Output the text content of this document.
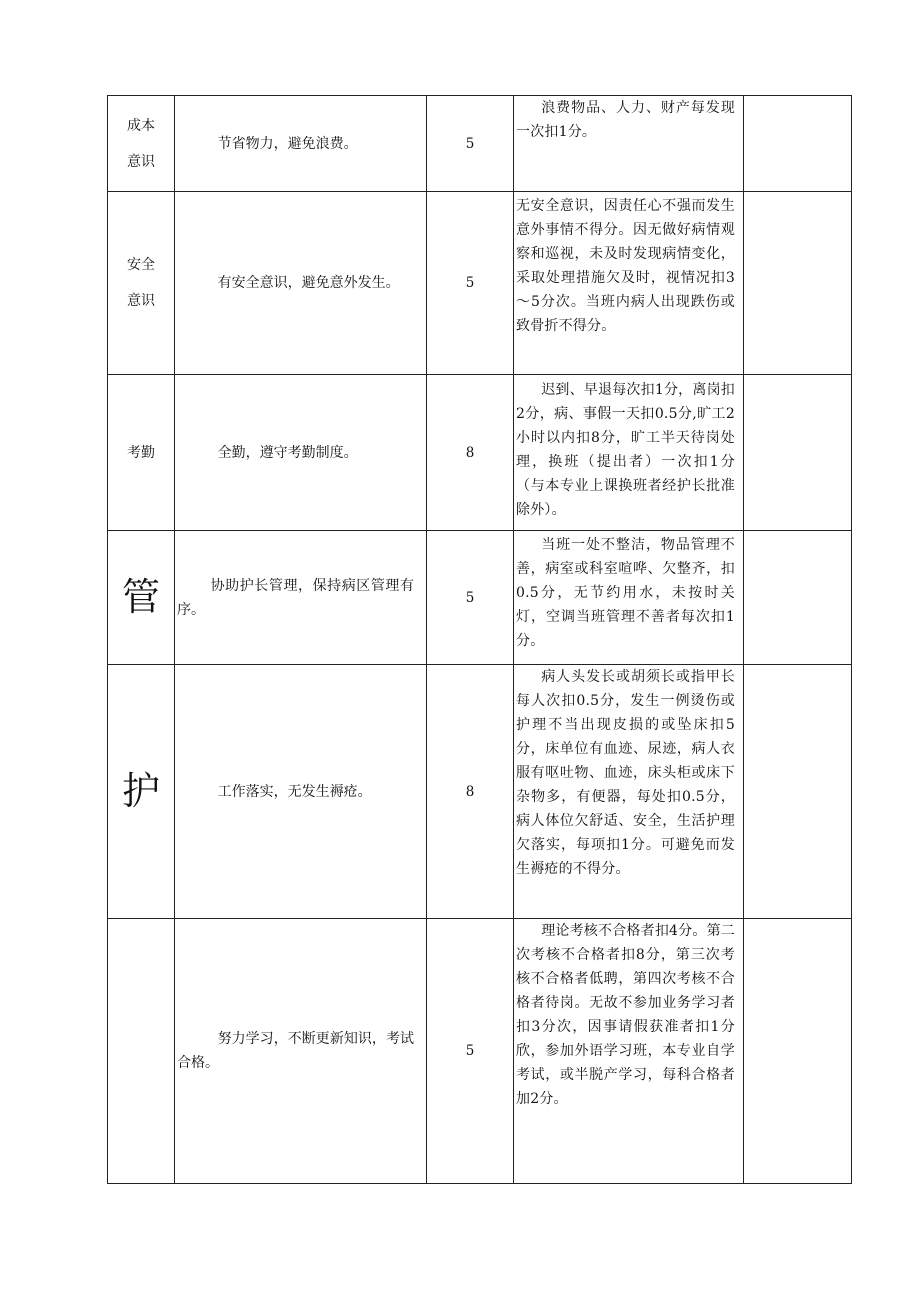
成本意识	节省物力，避免浪费。	5	浪费物品、人力、财产每发现一次扣1分。	

安全意识	有安全意识，避免意外发生。	5	无安全意识，因责任心不强而发生意外事情不得分。因无做好病情观察和巡视，未及时发现病情变化，采取处理措施欠及时，视情况扣3～5分次。当班内病人出现跌伤或致骨折不得分。	

考勤	全勤，遵守考勤制度。	8	迟到、早退每次扣1分，离岗扣2分，病、事假一天扣0.5分,旷工2小时以内扣8分，旷工半天待岗处理，换班（提出者）一次扣1分（与本专业上课换班者经护长批准除外）。	

管	协助护长管理，保持病区管理有序。	5	当班一处不整洁，物品管理不善，病室或科室喧哗、欠整齐，扣0.5分，无节约用水，未按时关灯，空调当班管理不善者每次扣1分。	

护	工作落实，无发生褥疮。	8	病人头发长或胡须长或指甲长每人次扣0.5分，发生一例烫伤或护理不当出现皮损的或坠床扣5分，床单位有血迹、尿迹，病人衣服有呕吐物、血迹，床头柜或床下杂物多，有便器，每处扣0.5分，病人体位欠舒适、安全，生活护理欠落实，每项扣1分。可避免而发生褥疮的不得分。	

	努力学习，不断更新知识，考试合格。	5	理论考核不合格者扣4分。第二次考核不合格者扣8分，第三次考核不合格者低聘，第四次考核不合格者待岗。无故不参加业务学习者扣3分次，因事请假获准者扣1分欣，参加外语学习班，本专业自学考试，或半脱产学习，每科合格者加2分。	
